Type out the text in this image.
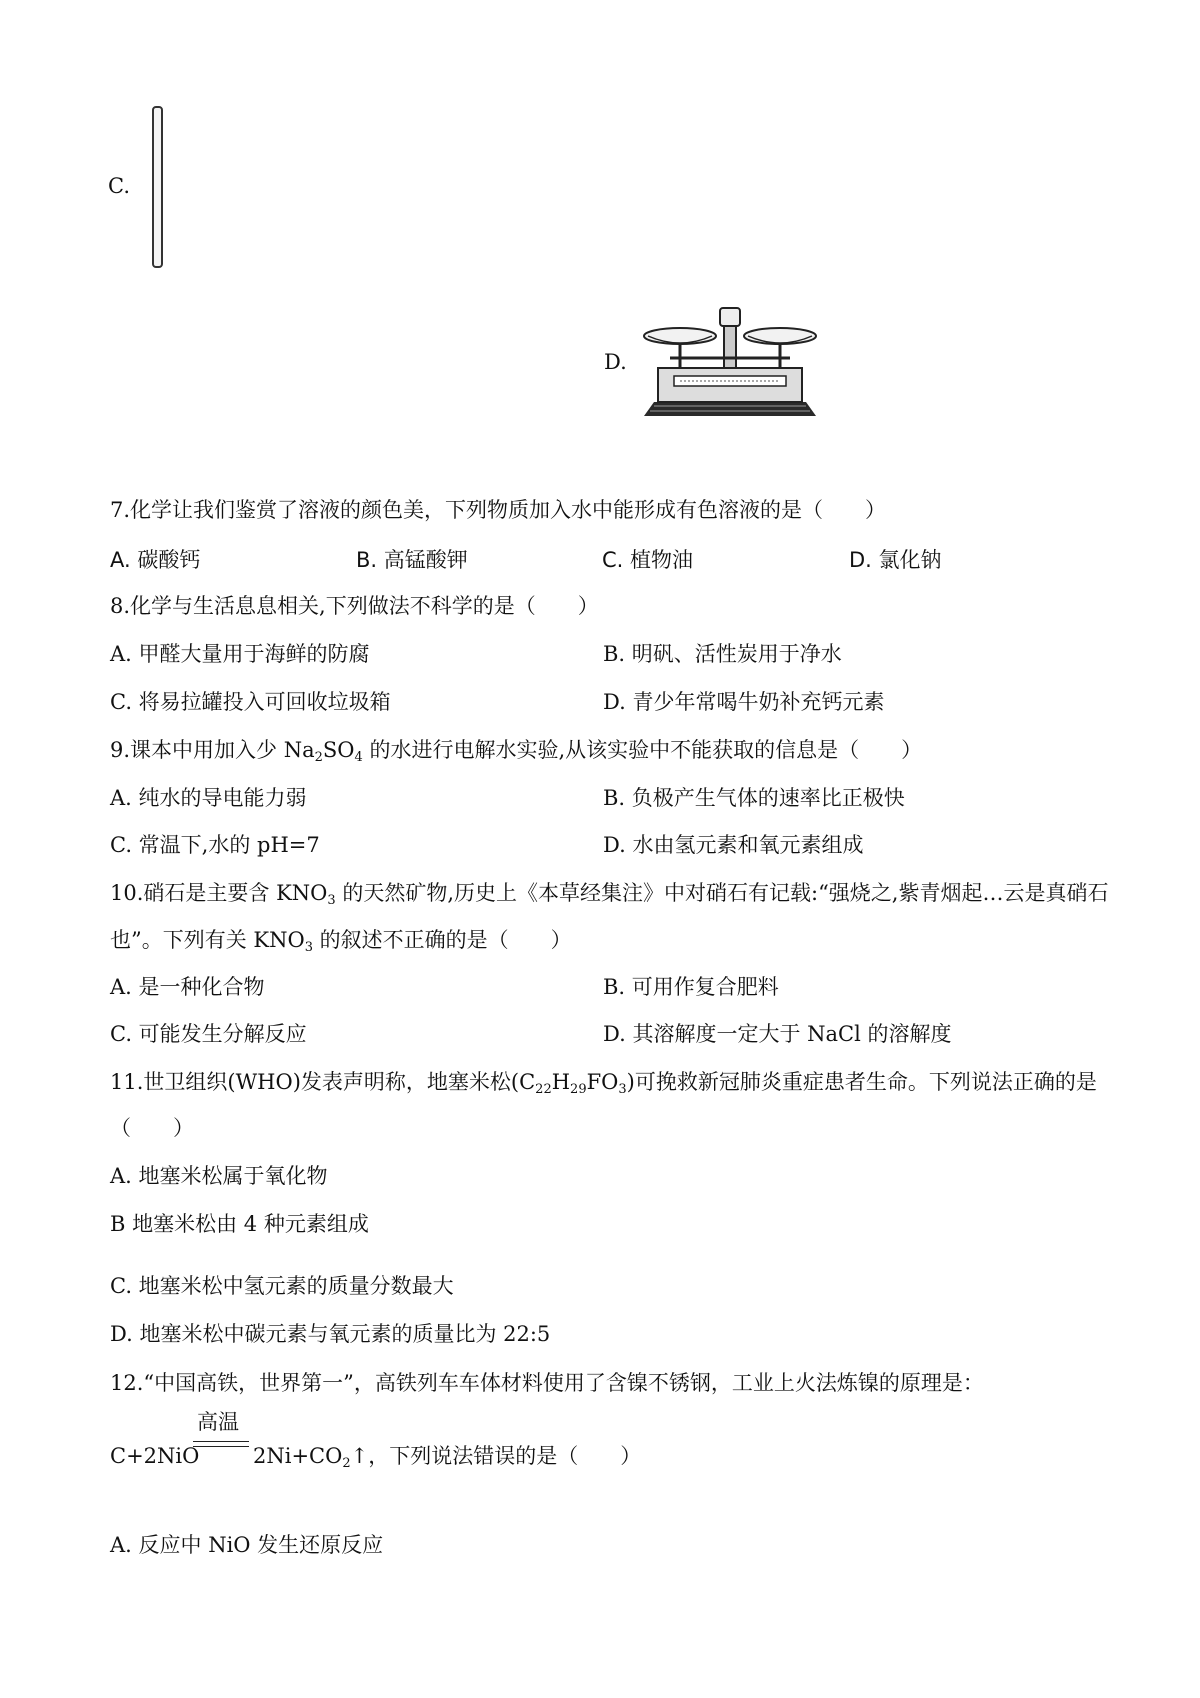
C.
D.
7.化学让我们鉴赏了溶液的颜色美，下列物质加入水中能形成有色溶液的是（　　）
A. 碳酸钙	B. 高锰酸钾	C. 植物油	D. 氯化钠
8.化学与生活息息相关,下列做法不科学的是（　　）
A. 甲醛大量用于海鲜的防腐	B. 明矾、活性炭用于净水
C. 将易拉罐投入可回收垃圾箱	D. 青少年常喝牛奶补充钙元素
9.课本中用加入少 $Na_2SO_4$ 的水进行电解水实验,从该实验中不能获取的信息是（　　）
A. 纯水的导电能力弱	B. 负极产生气体的速率比正极快
C. 常温下,水的 pH=7	D. 水由氢元素和氧元素组成
10.硝石是主要含 $KNO_3$ 的天然矿物,历史上《本草经集注》中对硝石有记载:“强烧之,紫青烟起…云是真硝石
也”。下列有关 $KNO_3$ 的叙述不正确的是（　　）
A. 是一种化合物	B. 可用作复合肥料
C. 可能发生分解反应	D. 其溶解度一定大于 NaCl 的溶解度
11.世卫组织(WHO)发表声明称，地塞米松$(C_{22}H_{29}FO_3)$可挽救新冠肺炎重症患者生命。下列说法正确的是
（　　）
A. 地塞米松属于氧化物
B 地塞米松由 4 种元素组成
C. 地塞米松中氢元素的质量分数最大
D. 地塞米松中碳元素与氧元素的质量比为 22:5
12.“中国高铁，世界第一”，高铁列车车体材料使用了含镍不锈钢，工业上火法炼镍的原理是：
高温
C+2NiO	$2Ni+CO_2↑$，下列说法错误的是（　　）
A. 反应中 NiO 发生还原反应
